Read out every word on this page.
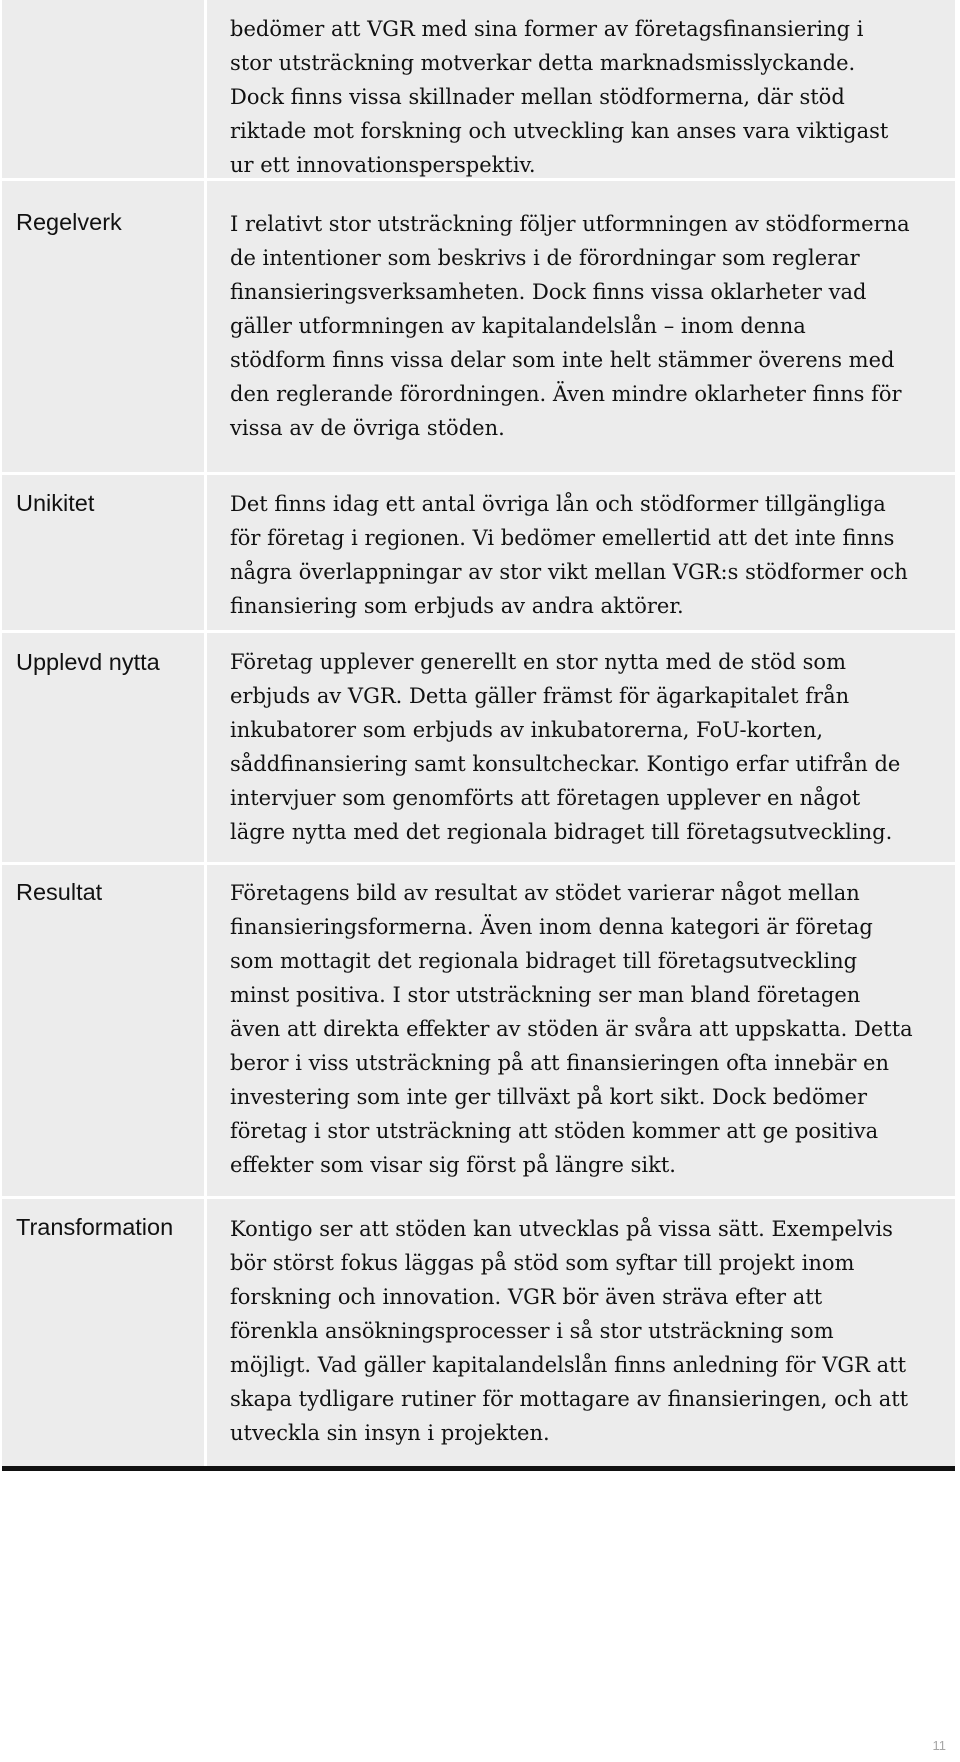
bedömer att VGR med sina former av företagsfinansiering i
stor utsträckning motverkar detta marknadsmisslyckande.
Dock finns vissa skillnader mellan stödformerna, där stöd
riktade mot forskning och utveckling kan anses vara viktigast
ur ett innovationsperspektiv.
Regelverk	I relativt stor utsträckning följer utformningen av stödformerna
de intentioner som beskrivs i de förordningar som reglerar
finansieringsverksamheten. Dock finns vissa oklarheter vad
gäller utformningen av kapitalandelslån – inom denna
stödform finns vissa delar som inte helt stämmer överens med
den reglerande förordningen. Även mindre oklarheter finns för
vissa av de övriga stöden.
Unikitet	Det finns idag ett antal övriga lån och stödformer tillgängliga
för företag i regionen. Vi bedömer emellertid att det inte finns
några överlappningar av stor vikt mellan VGR:s stödformer och
finansiering som erbjuds av andra aktörer.
Upplevd nytta	Företag upplever generellt en stor nytta med de stöd som
erbjuds av VGR. Detta gäller främst för ägarkapitalet från
inkubatorer som erbjuds av inkubatorerna, FoU-korten,
såddfinansiering samt konsultcheckar. Kontigo erfar utifrån de
intervjuer som genomförts att företagen upplever en något
lägre nytta med det regionala bidraget till företagsutveckling.
Resultat	Företagens bild av resultat av stödet varierar något mellan
finansieringsformerna. Även inom denna kategori är företag
som mottagit det regionala bidraget till företagsutveckling
minst positiva. I stor utsträckning ser man bland företagen
även att direkta effekter av stöden är svåra att uppskatta. Detta
beror i viss utsträckning på att finansieringen ofta innebär en
investering som inte ger tillväxt på kort sikt. Dock bedömer
företag i stor utsträckning att stöden kommer att ge positiva
effekter som visar sig först på längre sikt.
Transformation	Kontigo ser att stöden kan utvecklas på vissa sätt. Exempelvis
bör störst fokus läggas på stöd som syftar till projekt inom
forskning och innovation. VGR bör även sträva efter att
förenkla ansökningsprocesser i så stor utsträckning som
möjligt. Vad gäller kapitalandelslån finns anledning för VGR att
skapa tydligare rutiner för mottagare av finansieringen, och att
utveckla sin insyn i projekten.
11
